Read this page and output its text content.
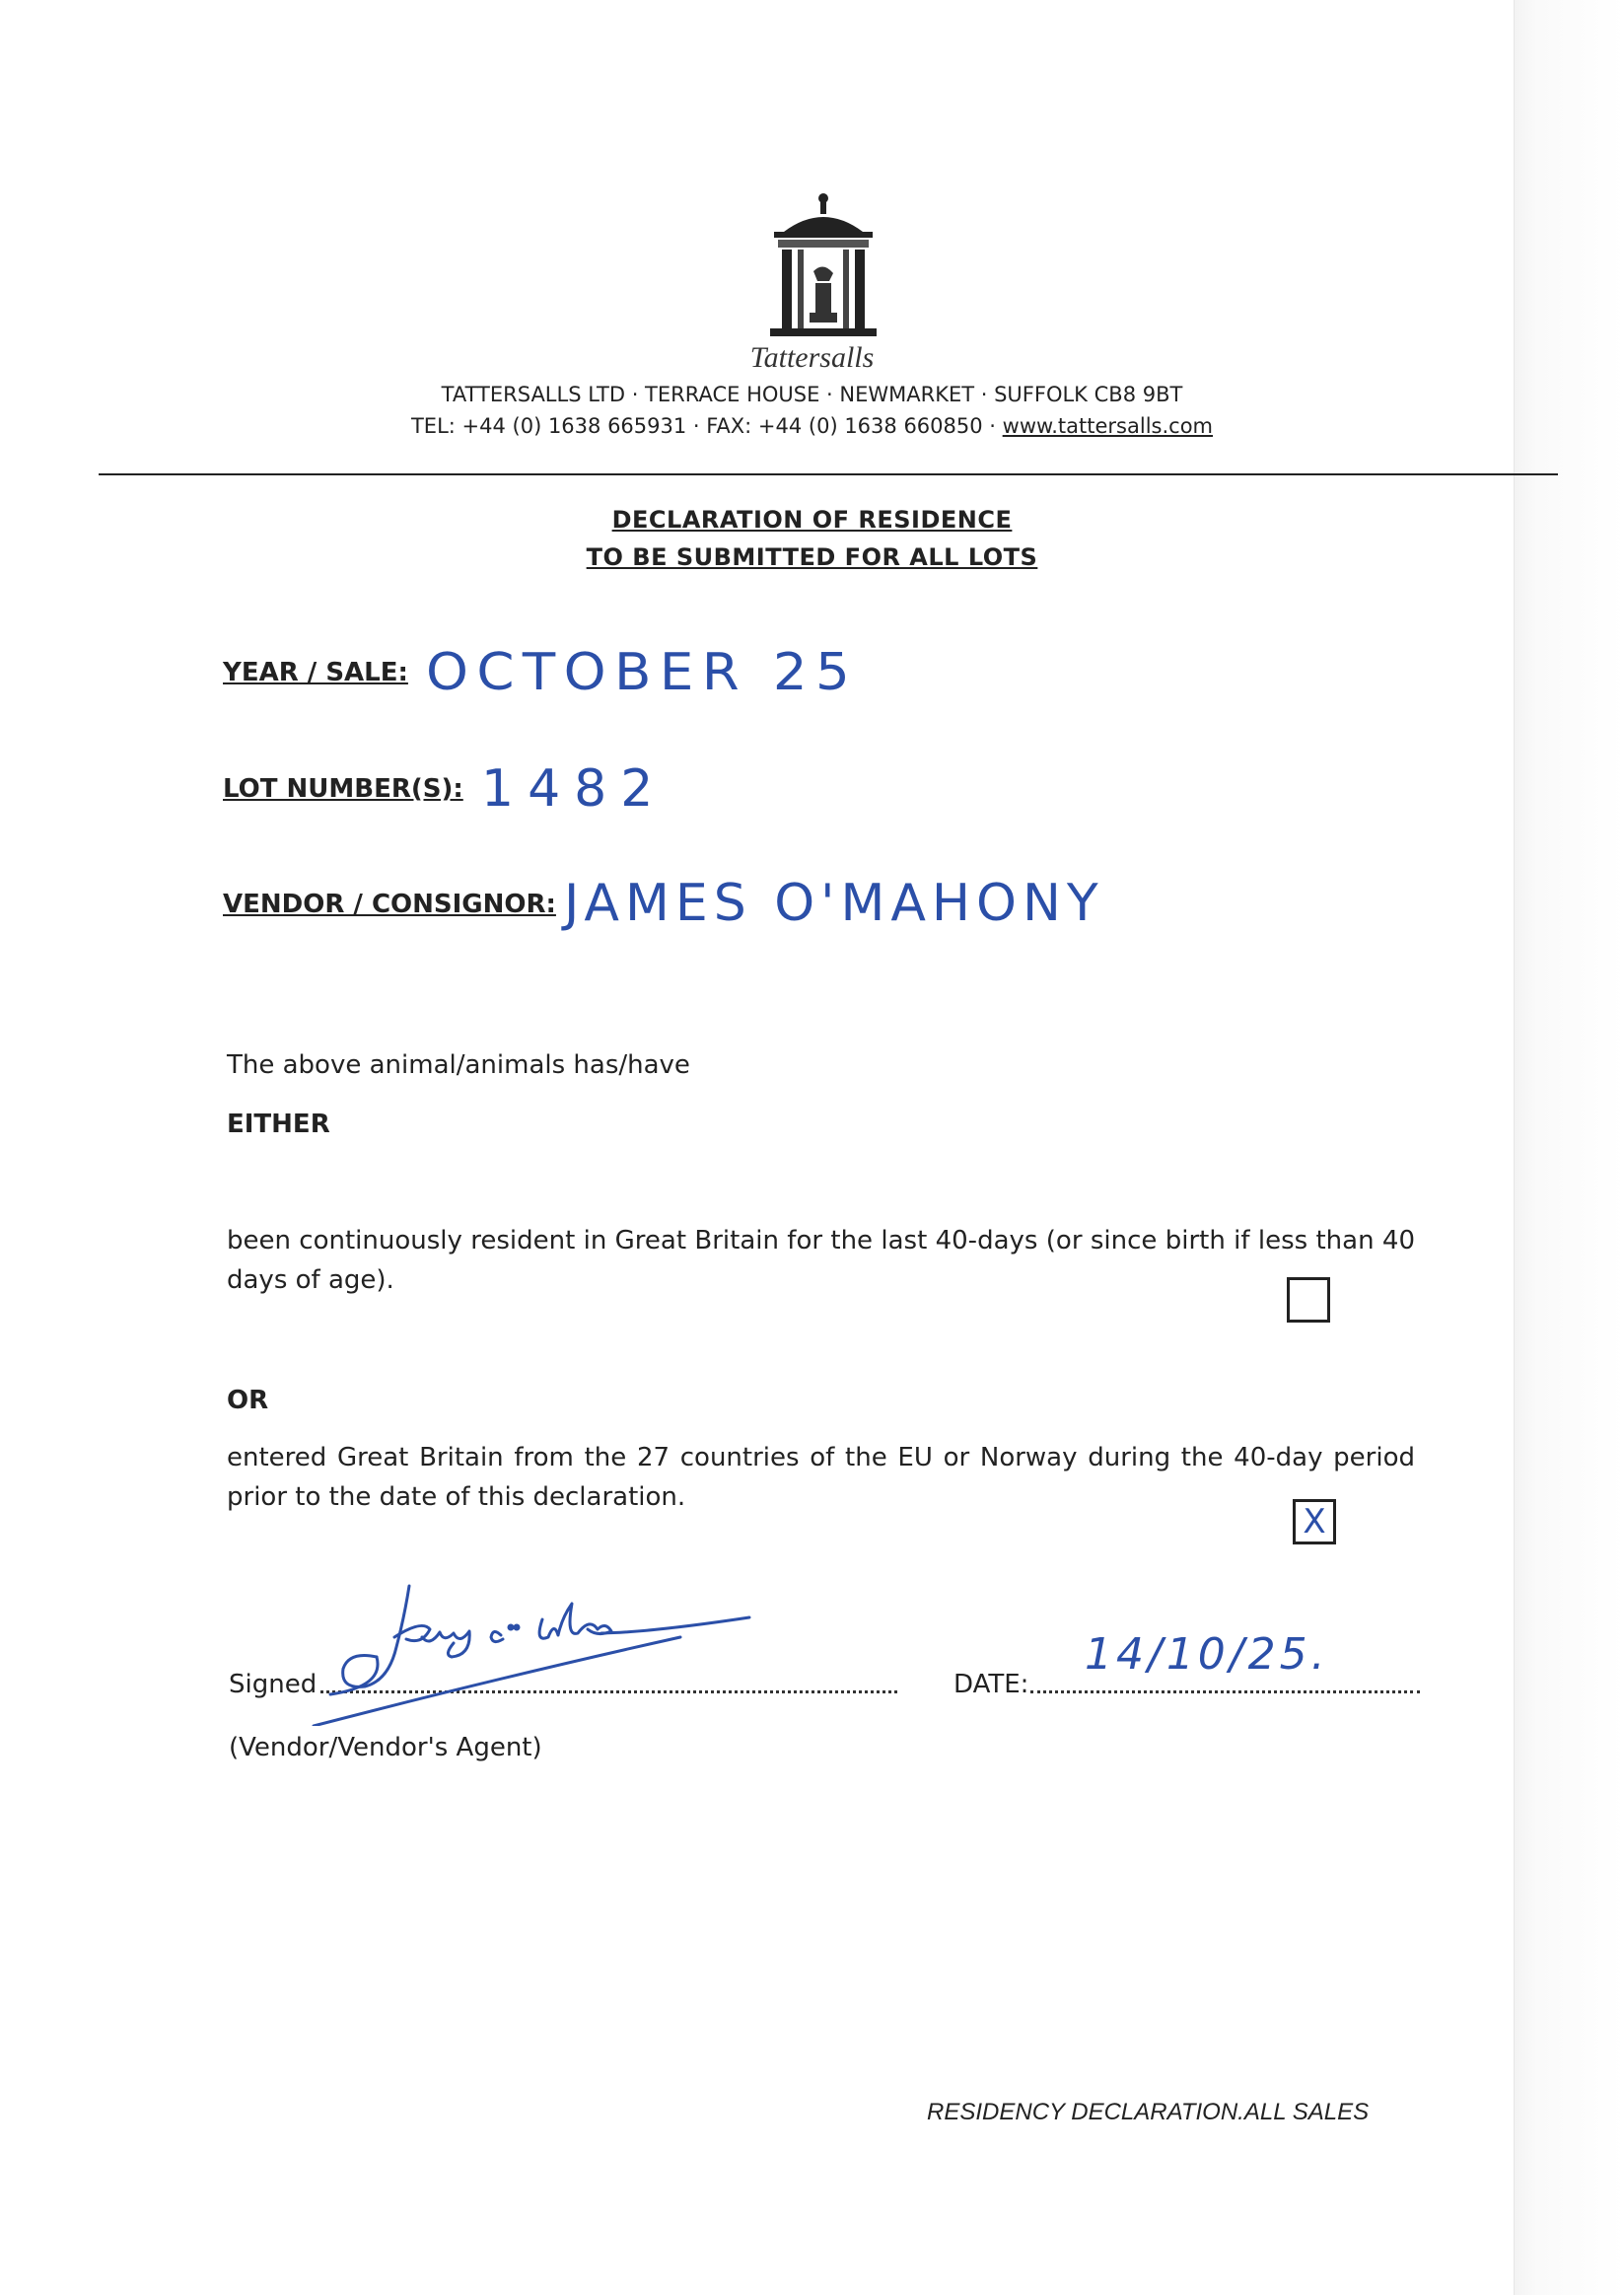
Tattersalls
TATTERSALLS LTD · TERRACE HOUSE · NEWMARKET · SUFFOLK CB8 9BT
TEL: +44 (0) 1638 665931 · FAX: +44 (0) 1638 660850 · www.tattersalls.com
DECLARATION OF RESIDENCE
TO BE SUBMITTED FOR ALL LOTS
YEAR / SALE: OCTOBER 25
LOT NUMBER(S): 1482
VENDOR / CONSIGNOR: JAMES O'MAHONY
The above animal/animals has/have
EITHER
been continuously resident in Great Britain for the last 40-days (or since birth if less than 40
days of age).
OR
entered Great Britain from the 27 countries of the EU or Norway during the 40-day period
prior to the date of this declaration.
X
Signed
(Vendor/Vendor's Agent)
DATE:
14/10/25.
RESIDENCY DECLARATION.ALL SALES
